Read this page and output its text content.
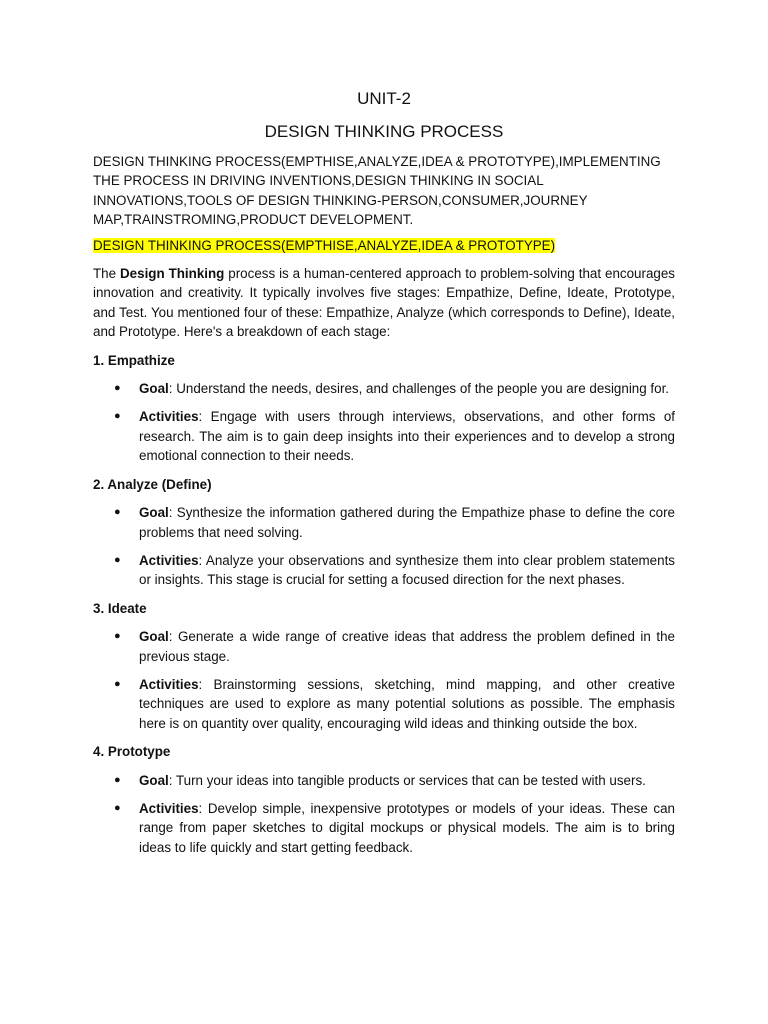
UNIT-2
DESIGN THINKING PROCESS
DESIGN THINKING PROCESS(EMPTHISE,ANALYZE,IDEA & PROTOTYPE),IMPLEMENTING THE PROCESS IN DRIVING INVENTIONS,DESIGN THINKING IN SOCIAL INNOVATIONS,TOOLS OF DESIGN THINKING-PERSON,CONSUMER,JOURNEY MAP,TRAINSTROMING,PRODUCT DEVELOPMENT.
DESIGN THINKING PROCESS(EMPTHISE,ANALYZE,IDEA & PROTOTYPE)
The Design Thinking process is a human-centered approach to problem-solving that encourages innovation and creativity. It typically involves five stages: Empathize, Define, Ideate, Prototype, and Test. You mentioned four of these: Empathize, Analyze (which corresponds to Define), Ideate, and Prototype. Here's a breakdown of each stage:
1. Empathize
● Goal: Understand the needs, desires, and challenges of the people you are designing for.
● Activities: Engage with users through interviews, observations, and other forms of research. The aim is to gain deep insights into their experiences and to develop a strong emotional connection to their needs.
2. Analyze (Define)
● Goal: Synthesize the information gathered during the Empathize phase to define the core problems that need solving.
● Activities: Analyze your observations and synthesize them into clear problem statements or insights. This stage is crucial for setting a focused direction for the next phases.
3. Ideate
● Goal: Generate a wide range of creative ideas that address the problem defined in the previous stage.
● Activities: Brainstorming sessions, sketching, mind mapping, and other creative techniques are used to explore as many potential solutions as possible. The emphasis here is on quantity over quality, encouraging wild ideas and thinking outside the box.
4. Prototype
● Goal: Turn your ideas into tangible products or services that can be tested with users.
● Activities: Develop simple, inexpensive prototypes or models of your ideas. These can range from paper sketches to digital mockups or physical models. The aim is to bring ideas to life quickly and start getting feedback.
